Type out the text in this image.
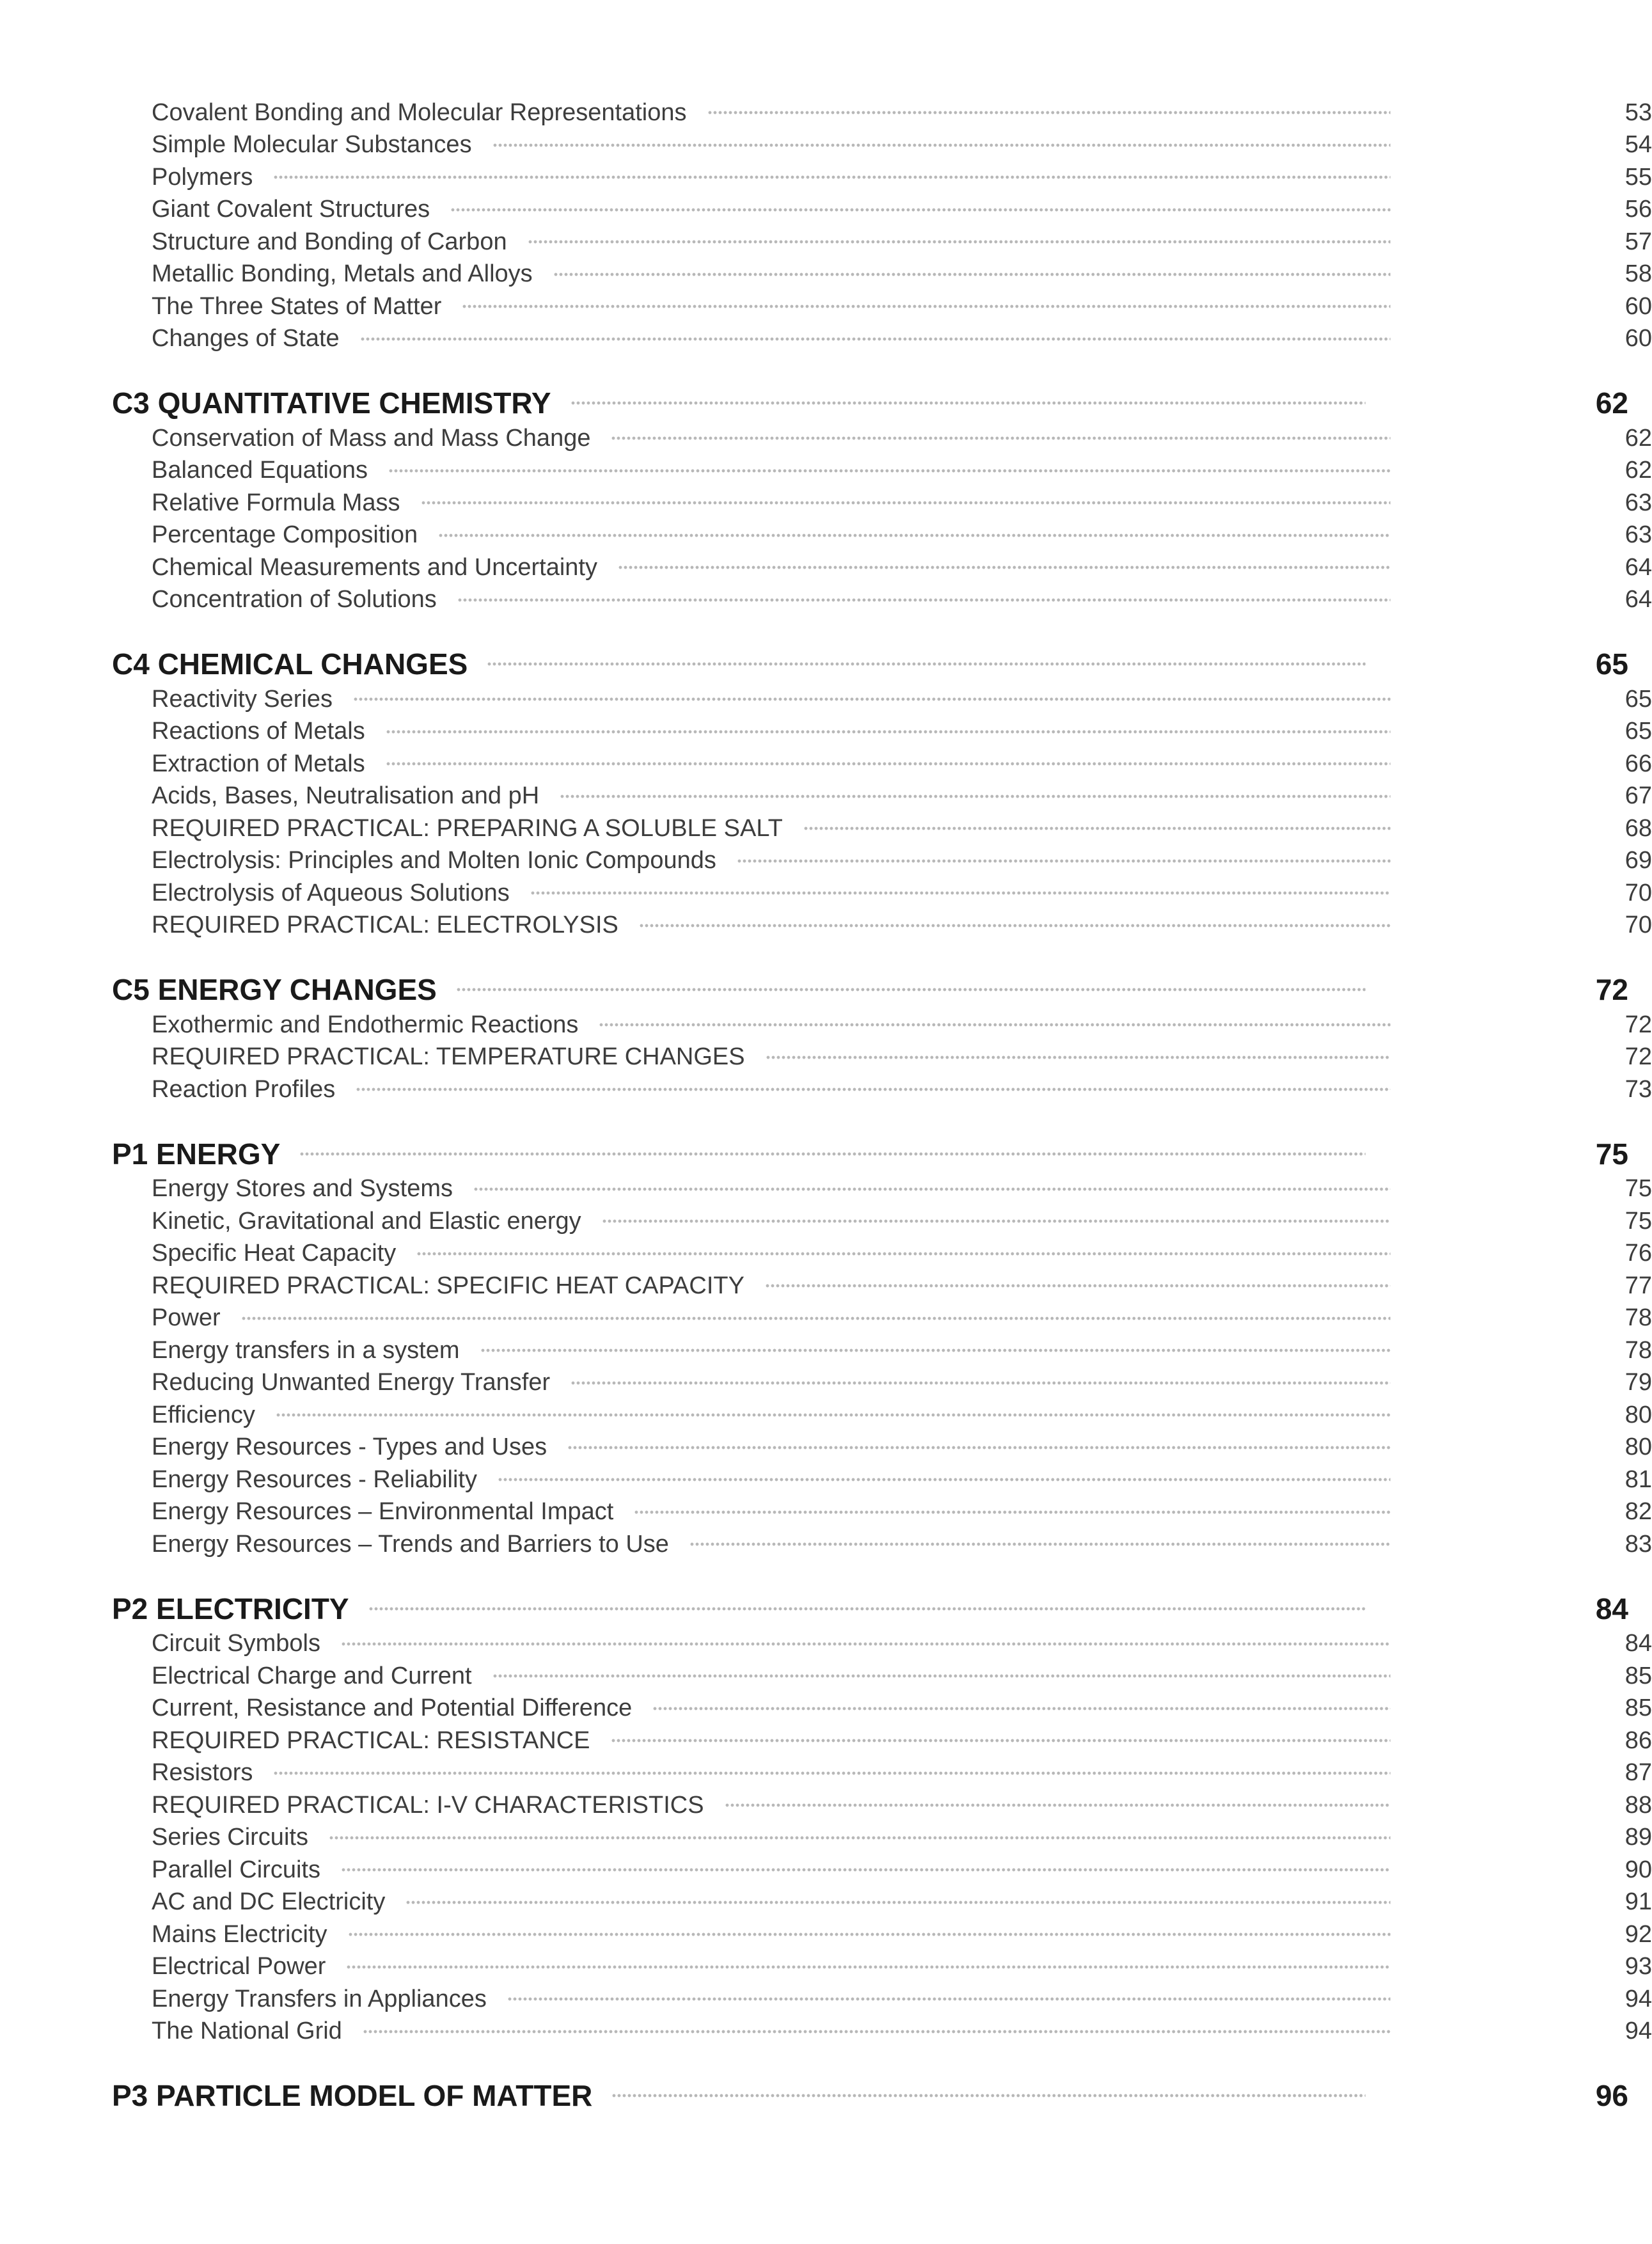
Covalent Bonding and Molecular Representations	53
Simple Molecular Substances	54
Polymers	55
Giant Covalent Structures	56
Structure and Bonding of Carbon	57
Metallic Bonding, Metals and Alloys	58
The Three States of Matter	60
Changes of State	60
C3 QUANTITATIVE CHEMISTRY	62
Conservation of Mass and Mass Change	62
Balanced Equations	62
Relative Formula Mass	63
Percentage Composition	63
Chemical Measurements and Uncertainty	64
Concentration of Solutions	64
C4 CHEMICAL CHANGES	65
Reactivity Series	65
Reactions of Metals	65
Extraction of Metals	66
Acids, Bases, Neutralisation and pH	67
REQUIRED PRACTICAL: PREPARING A SOLUBLE SALT	68
Electrolysis: Principles and Molten Ionic Compounds	69
Electrolysis of Aqueous Solutions	70
REQUIRED PRACTICAL: ELECTROLYSIS	70
C5 ENERGY CHANGES	72
Exothermic and Endothermic Reactions	72
REQUIRED PRACTICAL: TEMPERATURE CHANGES	72
Reaction Profiles	73
P1 ENERGY	75
Energy Stores and Systems	75
Kinetic, Gravitational and Elastic energy	75
Specific Heat Capacity	76
REQUIRED PRACTICAL: SPECIFIC HEAT CAPACITY	77
Power	78
Energy transfers in a system	78
Reducing Unwanted Energy Transfer	79
Efficiency	80
Energy Resources - Types and Uses	80
Energy Resources - Reliability	81
Energy Resources – Environmental Impact	82
Energy Resources – Trends and Barriers to Use	83
P2 ELECTRICITY	84
Circuit Symbols	84
Electrical Charge and Current	85
Current, Resistance and Potential Difference	85
REQUIRED PRACTICAL: RESISTANCE	86
Resistors	87
REQUIRED PRACTICAL: I-V CHARACTERISTICS	88
Series Circuits	89
Parallel Circuits	90
AC and DC Electricity	91
Mains Electricity	92
Electrical Power	93
Energy Transfers in Appliances	94
The National Grid	94
P3 PARTICLE MODEL OF MATTER	96
